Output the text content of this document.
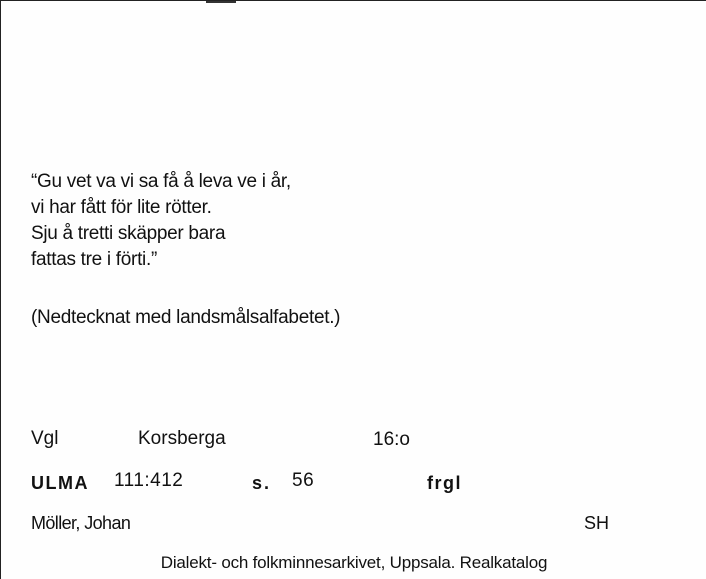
“Gu vet va vi sa få å leva ve i år,
vi har fått för lite rötter.
Sju å tretti skäpper bara
fattas tre i förti.”
(Nedtecknat med landsmålsalfabetet.)
Vgl	Korsberga	16:o
ULMA 111:412	s. 56	frgl
Möller, Johan	SH
Dialekt- och folkminnesarkivet, Uppsala. Realkatalog
